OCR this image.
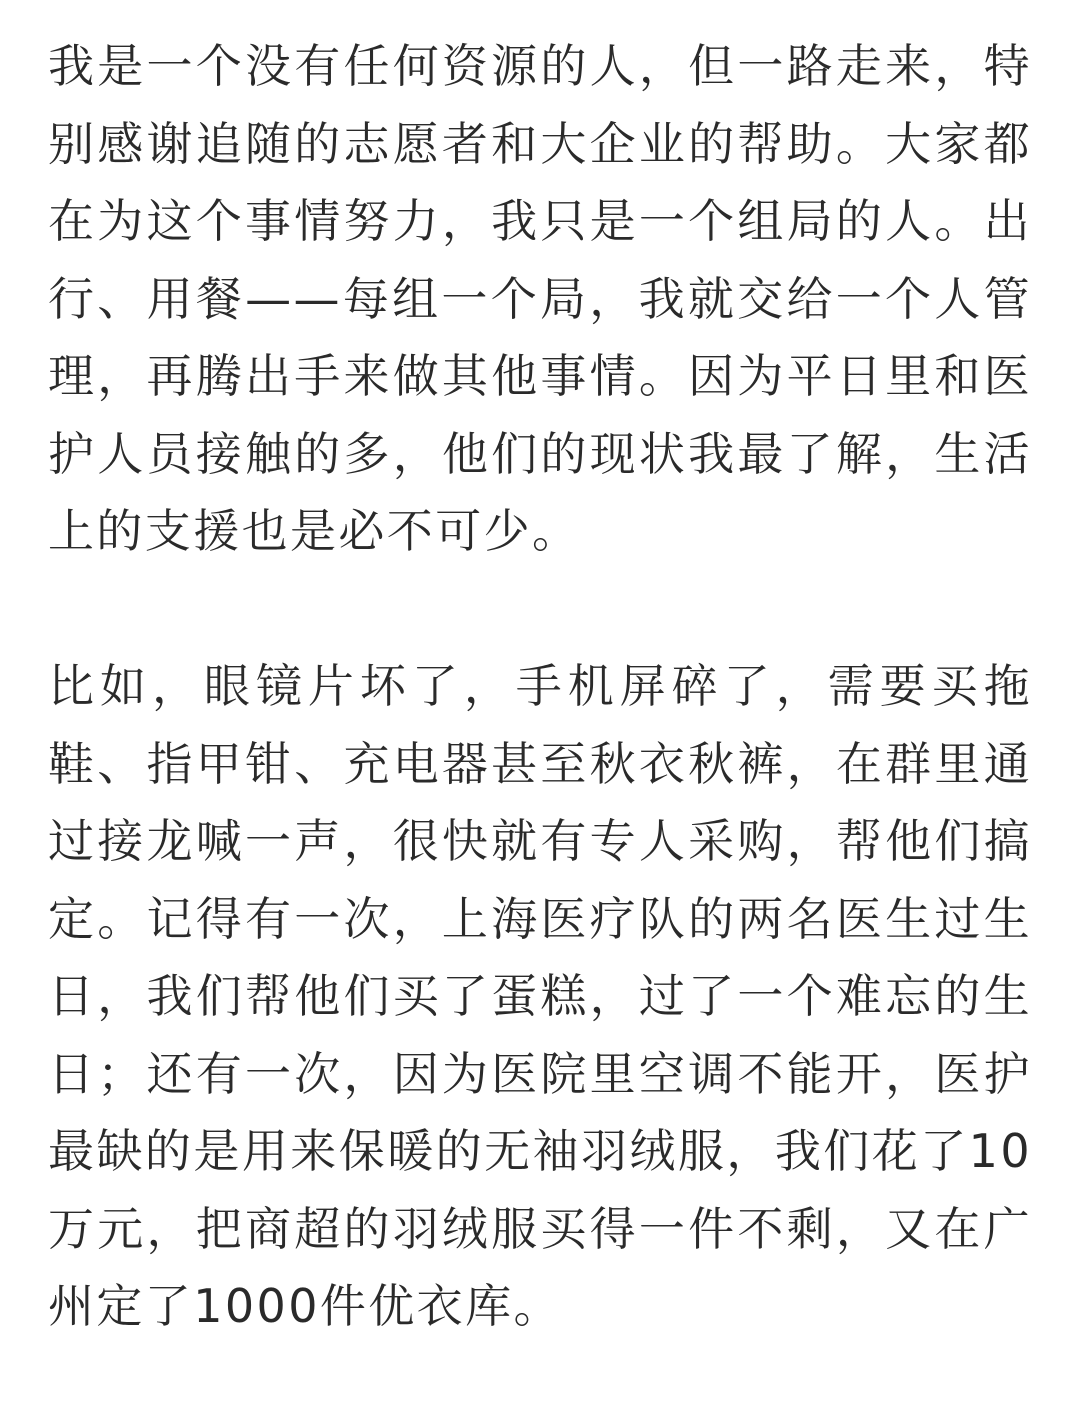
我是一个没有任何资源的人，但一路走来，特别感谢追随的志愿者和大企业的帮助。大家都在为这个事情努力，我只是一个组局的人。出行、用餐——每组一个局，我就交给一个人管理，再腾出手来做其他事情。因为平日里和医护人员接触的多，他们的现状我最了解，生活上的支援也是必不可少。

比如，眼镜片坏了，手机屏碎了，需要买拖鞋、指甲钳、充电器甚至秋衣秋裤，在群里通过接龙喊一声，很快就有专人采购，帮他们搞定。记得有一次，上海医疗队的两名医生过生日，我们帮他们买了蛋糕，过了一个难忘的生日；还有一次，因为医院里空调不能开，医护最缺的是用来保暖的无袖羽绒服，我们花了10万元，把商超的羽绒服买得一件不剩，又在广州定了1000件优衣库。
